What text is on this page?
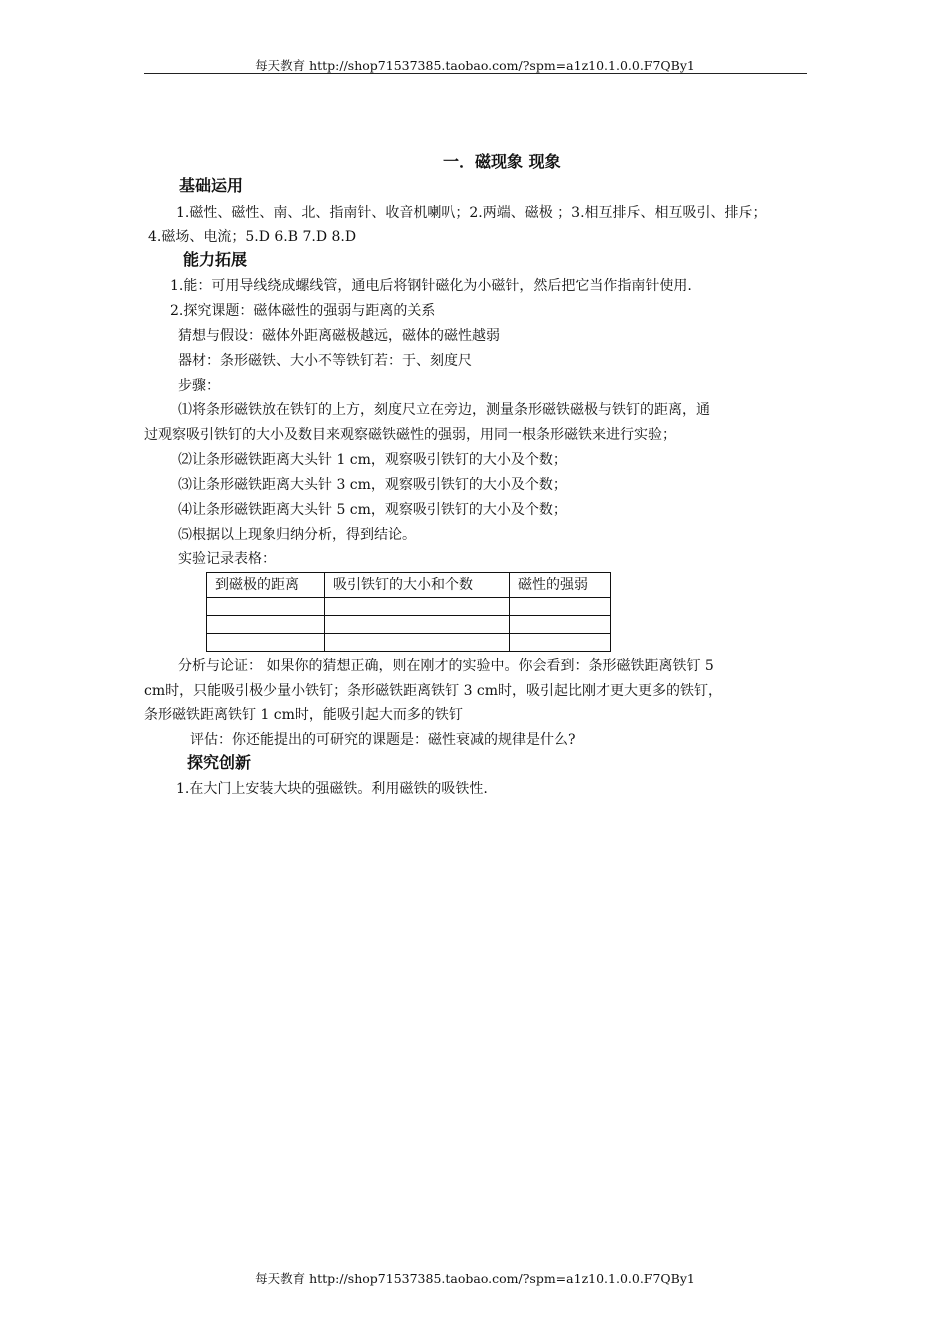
每天教育 http://shop71537385.taobao.com/?spm=a1z10.1.0.0.F7QBy1
一．磁现象 现象
基础运用
1.磁性、磁性、南、北、指南针、收音机喇叭；2.两端、磁极 ；3.相互排斥、相互吸引、排斥；
4.磁场、电流；5.D 6.B 7.D 8.D
能力拓展
1.能：可用导线绕成螺线管，通电后将钢针磁化为小磁针，然后把它当作指南针使用.
2.探究课题：磁体磁性的强弱与距离的关系
猜想与假设：磁体外距离磁极越远，磁体的磁性越弱
器材：条形磁铁、大小不等铁钉若：于、刻度尺
步骤：
⑴将条形磁铁放在铁钉的上方，刻度尺立在旁边，测量条形磁铁磁极与铁钉的距离，通
过观察吸引铁钉的大小及数目来观察磁铁磁性的强弱，用同一根条形磁铁来进行实验；
⑵让条形磁铁距离大头针 1 cm，观察吸引铁钉的大小及个数；
⑶让条形磁铁距离大头针 3 cm，观察吸引铁钉的大小及个数；
⑷让条形磁铁距离大头针 5 cm，观察吸引铁钉的大小及个数；
⑸根据以上现象归纳分析，得到结论。
实验记录表格：
到磁极的距离	吸引铁钉的大小和个数	磁性的强弱

分析与论证： 如果你的猜想正确，则在刚才的实验中。你会看到：条形磁铁距离铁钉 5
cm时，只能吸引极少量小铁钉；条形磁铁距离铁钉 3 cm时，吸引起比刚才更大更多的铁钉，
条形磁铁距离铁钉 1 cm时，能吸引起大而多的铁钉
评估：你还能提出的可研究的课题是：磁性衰减的规律是什么?
探究创新
1.在大门上安装大块的强磁铁。利用磁铁的吸铁性.
每天教育 http://shop71537385.taobao.com/?spm=a1z10.1.0.0.F7QBy1
